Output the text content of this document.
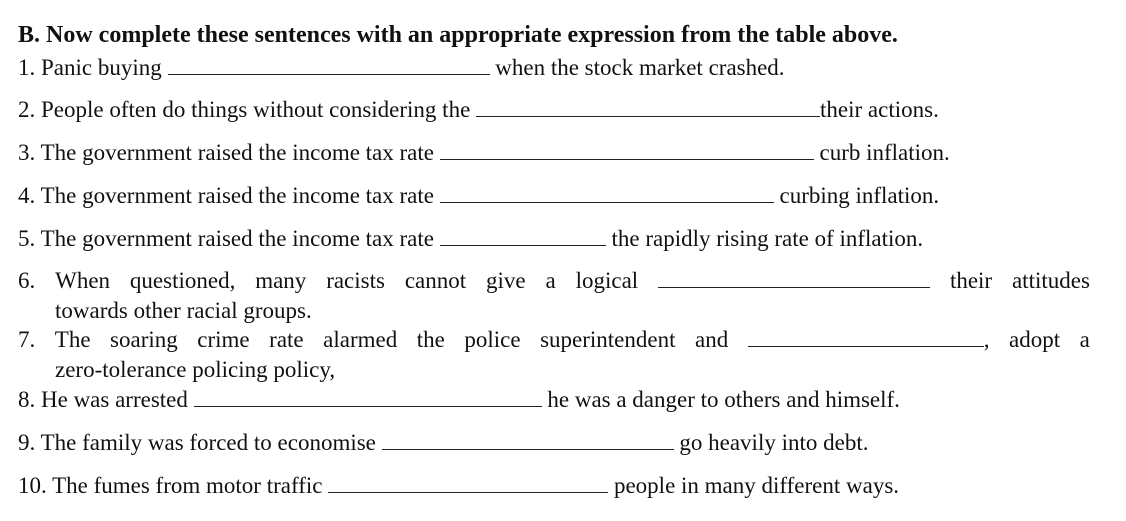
B. Now complete these sentences with an appropriate expression from the table above.
1. Panic buying	when the stock market crashed.
2. People often do things without considering the	their actions.
3. The government raised the income tax rate	curb inflation.
4. The government raised the income tax rate	curbing inflation.
5. The government raised the income tax rate	the rapidly rising rate of inflation.
6. When questioned, many racists cannot give a logical	their attitudes
towards other racial groups.
7. The soaring crime rate alarmed the police superintendent and	, adopt a
zero-tolerance policing policy,
8. He was arrested	he was a danger to others and himself.
9. The family was forced to economise	go heavily into debt.
10. The fumes from motor traffic	people in many different ways.
